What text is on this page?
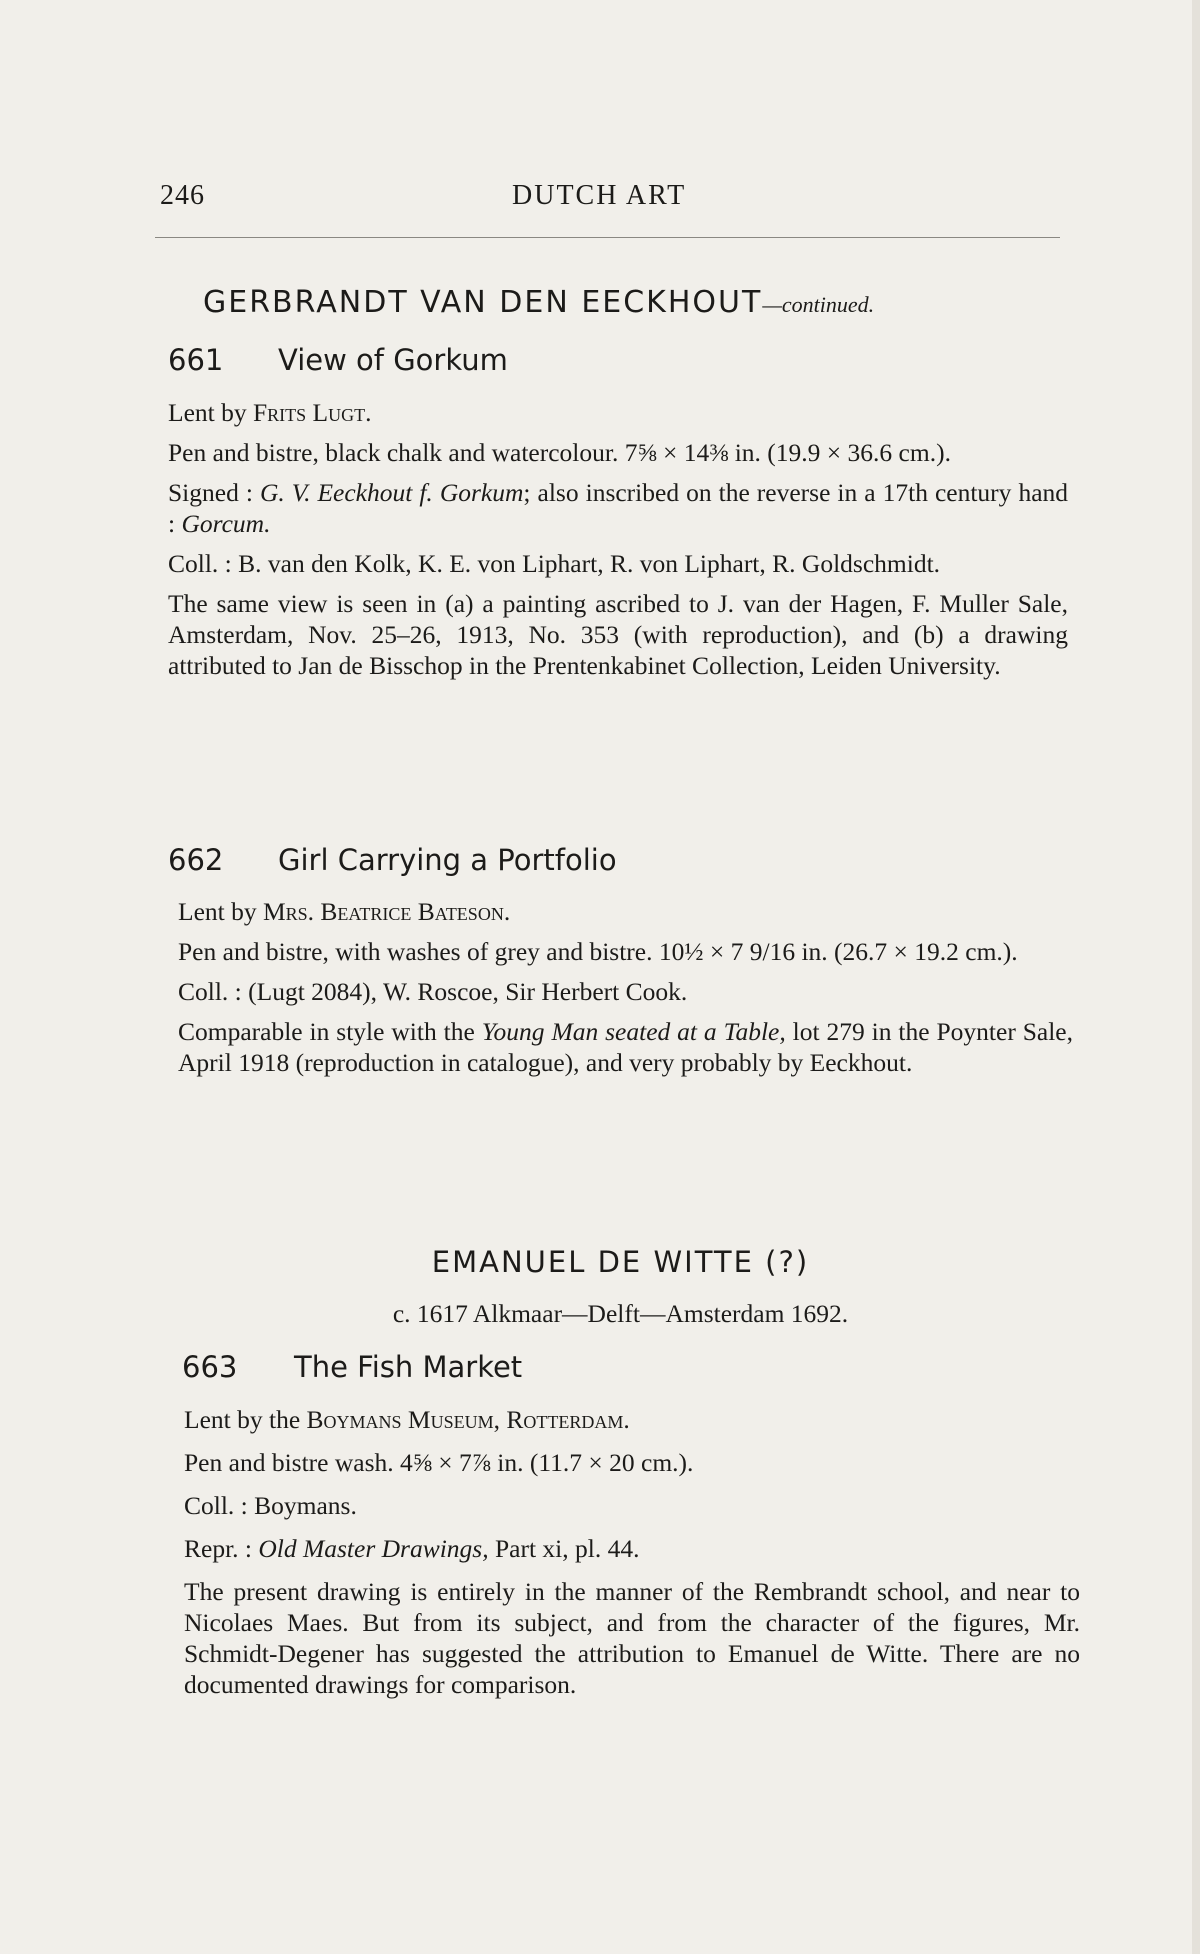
246	DUTCH ART
GERBRANDT VAN DEN EECKHOUT—continued.
661 View of Gorkum

Lent by Frits Lugt.

Pen and bistre, black chalk and watercolour. 7⅝ × 14⅜ in. (19.9 × 36.6 cm.).

Signed : G. V. Eeckhout f. Gorkum; also inscribed on the reverse in a 17th century hand : Gorcum.

Coll. : B. van den Kolk, K. E. von Liphart, R. von Liphart, R. Goldschmidt.

The same view is seen in (a) a painting ascribed to J. van der Hagen, F. Muller Sale, Amsterdam, Nov. 25–26, 1913, No. 353 (with reproduction), and (b) a drawing attributed to Jan de Bisschop in the Prentenkabinet Collection, Leiden University.

662 Girl Carrying a Portfolio

Lent by Mrs. Beatrice Bateson.

Pen and bistre, with washes of grey and bistre. 10½ × 7 9/16 in. (26.7 × 19.2 cm.).

Coll. : (Lugt 2084), W. Roscoe, Sir Herbert Cook.

Comparable in style with the Young Man seated at a Table, lot 279 in the Poynter Sale, April 1918 (reproduction in catalogue), and very probably by Eeckhout.

EMANUEL DE WITTE (?)
c. 1617 Alkmaar—Delft—Amsterdam 1692.
663 The Fish Market

Lent by the Boymans Museum, Rotterdam.

Pen and bistre wash. 4⅝ × 7⅞ in. (11.7 × 20 cm.).

Coll. : Boymans.

Repr. : Old Master Drawings, Part xi, pl. 44.

The present drawing is entirely in the manner of the Rembrandt school, and near to Nicolaes Maes. But from its subject, and from the character of the figures, Mr. Schmidt-Degener has suggested the attribution to Emanuel de Witte. There are no documented drawings for comparison.
